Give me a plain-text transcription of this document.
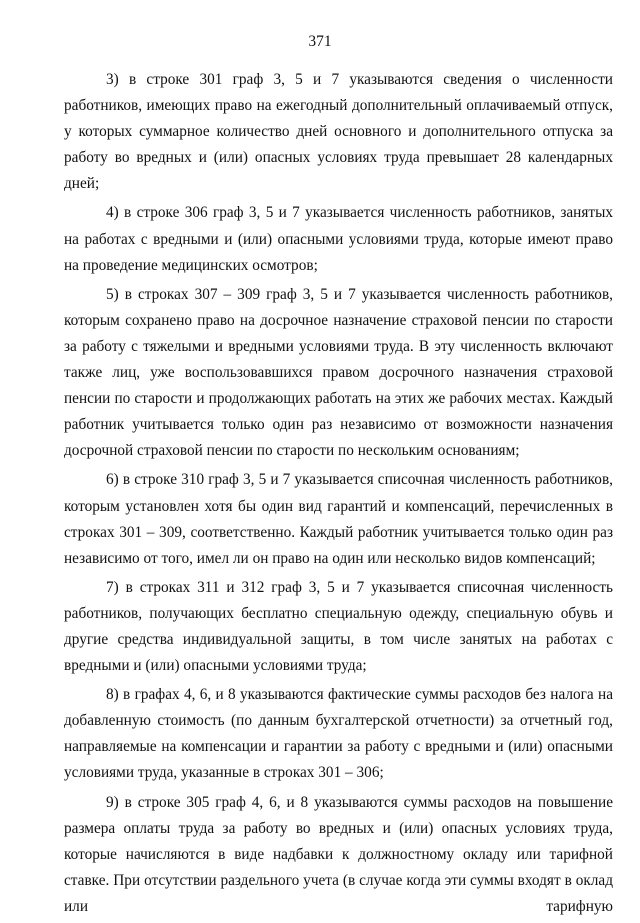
371

3) в строке 301 граф 3, 5 и 7 указываются сведения о численности работников, имеющих право на ежегодный дополнительный оплачиваемый отпуск, у которых суммарное количество дней основного и дополнительного отпуска за работу во вредных и (или) опасных условиях труда превышает 28 календарных дней;

4) в строке 306 граф 3, 5 и 7 указывается численность работников, занятых на работах с вредными и (или) опасными условиями труда, которые имеют право на проведение медицинских осмотров;

5) в строках 307 – 309 граф 3, 5 и 7 указывается численность работников, которым сохранено право на досрочное назначение страховой пенсии по старости за работу с тяжелыми и вредными условиями труда. В эту численность включают также лиц, уже воспользовавшихся правом досрочного назначения страховой пенсии по старости и продолжающих работать на этих же рабочих местах. Каждый работник учитывается только один раз независимо от возможности назначения досрочной страховой пенсии по старости по нескольким основаниям;

6) в строке 310 граф 3, 5 и 7 указывается списочная численность работников, которым установлен хотя бы один вид гарантий и компенсаций, перечисленных в строках 301 – 309, соответственно. Каждый работник учитывается только один раз независимо от того, имел ли он право на один или несколько видов компенсаций;

7) в строках 311 и 312 граф 3, 5 и 7 указывается списочная численность работников, получающих бесплатно специальную одежду, специальную обувь и другие средства индивидуальной защиты, в том числе занятых на работах с вредными и (или) опасными условиями труда;

8) в графах 4, 6, и 8 указываются фактические суммы расходов без налога на добавленную стоимость (по данным бухгалтерской отчетности) за отчетный год, направляемые на компенсации и гарантии за работу с вредными и (или) опасными условиями труда, указанные в строках 301 – 306;

9) в строке 305 граф 4, 6, и 8 указываются суммы расходов на повышение размера оплаты труда за работу во вредных и (или) опасных условиях труда, которые начисляются в виде надбавки к должностному окладу или тарифной ставке. При отсутствии раздельного учета (в случае когда эти суммы входят в оклад или тарифную
